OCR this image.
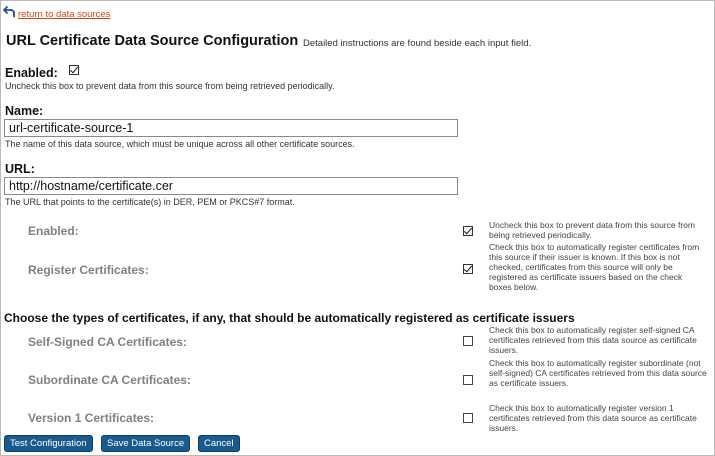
return to data sources
URL Certificate Data Source Configuration Detailed instructions are found beside each input field.
Enabled:
Uncheck this box to prevent data from this source from being retrieved periodically.
Name:
url-certificate-source-1
The name of this data source, which must be unique across all other certificate sources.
URL:
http://hostname/certificate.cer
The URL that points to the certificate(s) in DER, PEM or PKCS#7 format.
Enabled:	Uncheck this box to prevent data from this source from being retrieved periodically.
Register Certificates:
Check this box to automatically register certificates from this source if their issuer is known. If this box is not checked, certificates from this source will only be registered as certificate issuers based on the check boxes below.
Choose the types of certificates, if any, that should be automatically registered as certificate issuers
Self-Signed CA Certificates:
Check this box to automatically register self-signed CA certificates retrieved from this data source as certificate issuers.
Subordinate CA Certificates:
Check this box to automatically register subordinate (not self-signed) CA certificates retrieved from this data source as certificate issuers.
Version 1 Certificates:
Check this box to automatically register version 1 certificates retrieved from this data source as certificate issuers.
Test Configuration	Save Data Source	Cancel
